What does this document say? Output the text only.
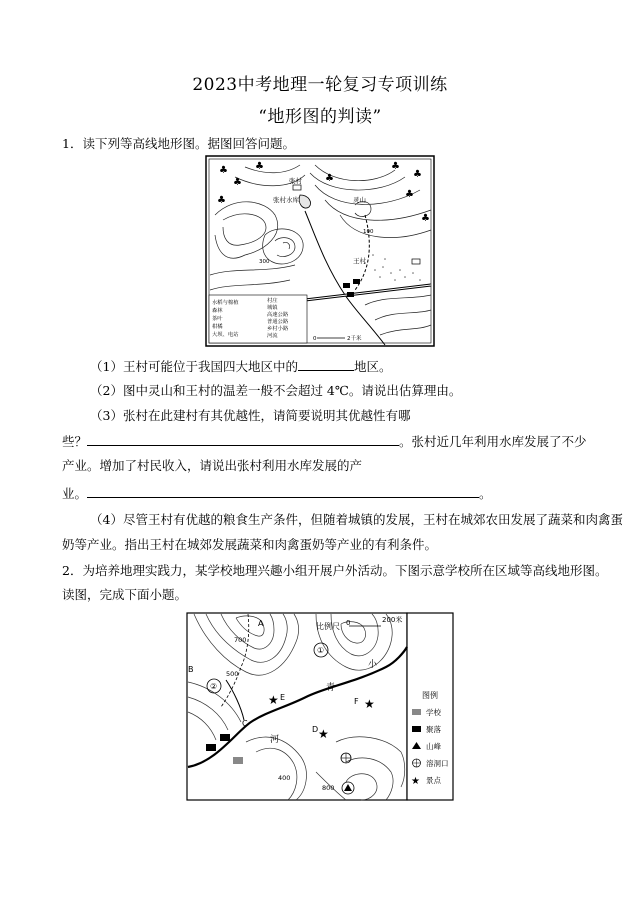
2023中考地理一轮复习专项训练
“地形图的判读”
1．读下列等高线地形图。据图回答问题。
♣
♣
♣	♣
♣
♣
♣
♣
♣
张村
张村水库	灵山
王村
300
100
水稻与棉植
森林
茶叶
柑橘
大坝、电站
村庄
城镇
高速公路
普通公路
乡村小路
河流	0	2千米
（1）王村可能位于我国四大地区中的	地区。
（2）图中灵山和王村的温差一般不会超过 4℃。请说出估算理由。
（3）张村在此建村有其优越性，请简要说明其优越性有哪
些？	。张村近几年利用水库发展了不少
产业。增加了村民收入，请说出张村利用水库发展的产
业。	。
（4）尽管王村有优越的粮食生产条件，但随着城镇的发展，王村在城郊农田发展了蔬菜和肉禽蛋
奶等产业。指出王村在城郊发展蔬菜和肉禽蛋奶等产业的有利条件。
2．为培养地理实践力，某学校地理兴趣小组开展户外活动。下图示意学校所在区域等高线地形图。
读图，完成下面小题。
比例尺 0	200米
A
B
C
D
E	F
★
★
★
①
②
700
500
400
800
小
青
河
图例
学校
聚落
山峰
溶洞口
★ 景点
